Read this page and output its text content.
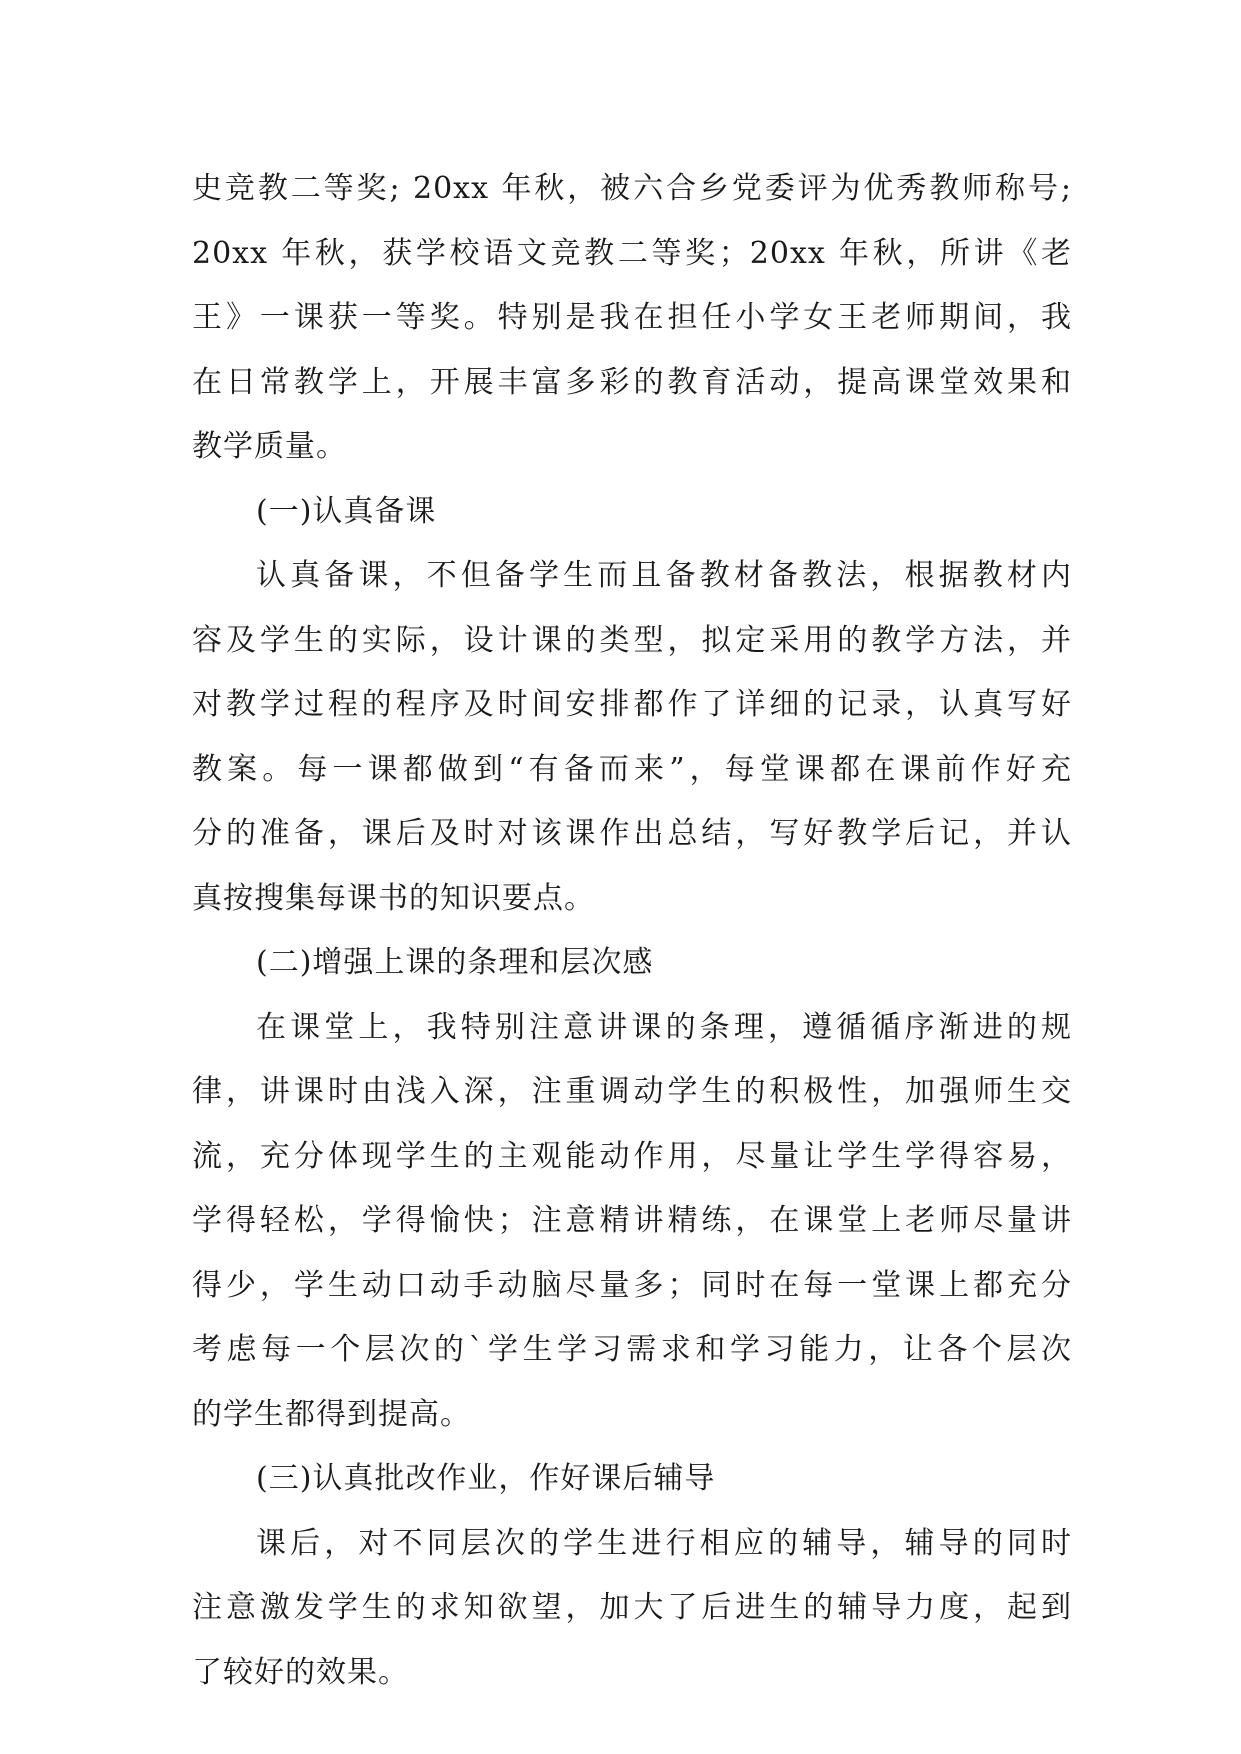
史竞教二等奖; 20xx 年秋，被六合乡党委评为优秀教师称号;
20xx 年秋，获学校语文竞教二等奖；20xx 年秋，所讲《老
王》一课获一等奖。特别是我在担任小学女王老师期间，我
在日常教学上，开展丰富多彩的教育活动，提高课堂效果和
教学质量。
(一)认真备课
认真备课，不但备学生而且备教材备教法，根据教材内
容及学生的实际，设计课的类型，拟定采用的教学方法，并
对教学过程的程序及时间安排都作了详细的记录，认真写好
教案。每一课都做到“有备而来”，每堂课都在课前作好充
分的准备，课后及时对该课作出总结，写好教学后记，并认
真按搜集每课书的知识要点。
(二)增强上课的条理和层次感
在课堂上，我特别注意讲课的条理，遵循循序渐进的规
律，讲课时由浅入深，注重调动学生的积极性，加强师生交
流，充分体现学生的主观能动作用，尽量让学生学得容易，
学得轻松，学得愉快；注意精讲精练，在课堂上老师尽量讲
得少，学生动口动手动脑尽量多；同时在每一堂课上都充分
考虑每一个层次的`学生学习需求和学习能力，让各个层次
的学生都得到提高。
(三)认真批改作业，作好课后辅导
课后，对不同层次的学生进行相应的辅导，辅导的同时
注意激发学生的求知欲望，加大了后进生的辅导力度，起到
了较好的效果。
